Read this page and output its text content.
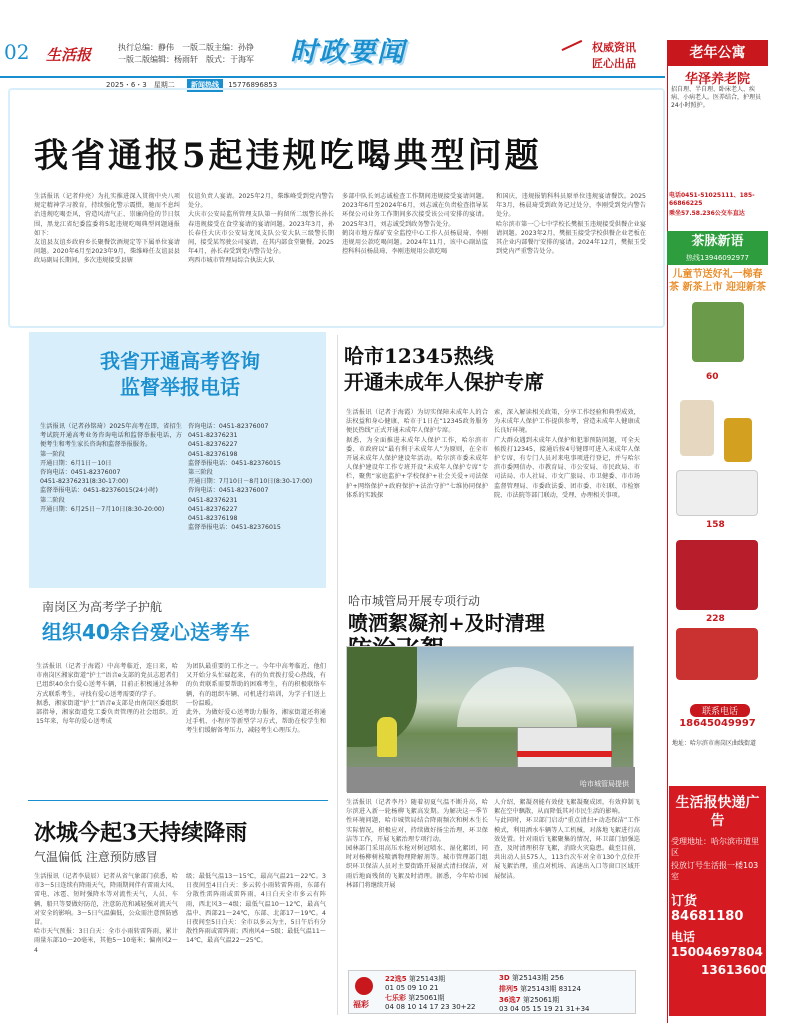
02 生活报	执行总编：静伟　一版二版主编：孙铮
一版二版编辑：杨雨轩　版式：于海军	时政要闻	权威资讯
匠心出品
2025・6・3　星期二 新闻热线 15776896853
我省通报5起违规吃喝典型问题
生活报讯（记者仲亮）为扎实推进深入贯彻中央八项规定精神学习教育，持续强化警示震慑，驰而不息纠治违规吃喝歪风，营造风清气正、崇廉尚俭的节日氛围，黑龙江省纪委监委将5起违规吃喝典型问题通报如下：
友谊县友谊乡政府乡长聚餐饮酒规定等下属单位宴请问题。2020年6月至2023年9月，柴维峰任友谊县县政局副局长期间，多次违规接受县辖
仪谊负责人宴请。2025年2月，柴维峰受到党内警告处分。
大庆市公安局监所管理支队第一拘留所二级警长孙长春违规接受在食堂宴请的宴请问题。2023年3月，孙长春任大庆市公安局龙凤支队公安大队三级警长期间，接受某驾驶公司宴请，在其内部食堂聚餐。2025年4月，孙长春受到党内警告处分。
鸡西市城市管理局综合执法大队
多部中队长刘志诚检查工作期间违规接受宴请问题。2023年6月至2024年6月，刘志诚在负责检查指导某环保公司业务工作期间多次接受该公司安排的宴请。2025年3月，刘志诚受到政务警告处分。
鹤岗市地方煤矿安全监控中心工作人员杨晨琦、李刚违规用公款吃喝问题。2024年11月，该中心副站监控科科员杨晨琦、李刚违规用公款吃喝
和国庆，违规报销科科员原单位违规宴请餐饮。2025年3月，杨晨琦受到政务记过处分，李刚受到党内警告处分。
哈尔滨市第一〇七中学校长樊振玉违规接受供餐企业宴请问题。2023年2月，樊振玉接受学校供餐企业老板在其企业内部餐厅安排的宴请。2024年12月，樊振玉受到党内严重警告处分。
我省开通高考咨询
监督举报电话
生活报讯（记者孙铭琦）2025年高考在即，省招生考试院开通高考业务咨询电话和监督举报电话，方便考生和考生家长咨询和监督举报服务。
第一阶段
开通日期：6月1日－10日
咨询电话：0451-82376007
0451-82376231(8:30-17:00)
监督举报电话：0451-82376015(24小时)
第二阶段
开通日期：6月25日－7月10日(8:30-20:00)
咨询电话：0451-82376007
0451-82376231
0451-82376227
0451-82376198
监督举报电话：0451-82376015
第三阶段
开通日期：7月10日－8月10日(8:30-17:00)
咨询电话：0451-82376007
0451-82376231
0451-82376227
0451-82376198
监督举报电话：0451-82376015
哈市12345热线
开通未成年人保护专席
生活报讯（记者于海霞）为切实保障未成年人的合法权益和身心健康，哈市于1日在“12345政务服务便民热线”正式开通未成年人保护专席。
据悉，为全面推进未成年人保护工作，哈尔滨市委、市政府以“最有利于未成年人”为原则，在全市开展未成年人保护建设年活动。哈尔滨市委未成年人保护建设年工作专班开设“未成年人保护专席”专栏，聚焦“家庭监护+学校保护+社会关爱+司法保护+网络保护+政府保护+法治守护”七维协同保护体系的实践探
索，深入解读相关政策，分享工作经验和典型成效，为未成年人保护工作提供参考，营造未成年人健康成长良好环境。
广大群众遇到未成年人保护和犯罪预防问题，可全天候拨打12345，接通后按4号键即可进入未成年人保护专席，有专门人员对来电事项进行登记，并与哈尔滨市委网信办、市教育局、市公安局、市民政局、市司法局、市人社局、市文广旅局、市卫健委、市市场监督管理局、市委政法委、团市委、市妇联、市检察院、市法院等部门联动，受理、办理相关事项。
南岗区为高考学子护航
组织40余台爱心送考车
生活报讯（记者于海霞）中高考临近，连日来，哈市南岗区湘家街道“护士”语音e支部的党员志愿者们已组织40余台爱心送考车辆，目前正积极通过各种方式联系考生，寻找有爱心送考需要的学子。
据悉，湘家街道“护士”语音e支部是由南岗区委组织部指导，湘家街道党工委负责管理的社会组织。近15年来，每年的爱心送考成
为团队最重要的工作之一。今年中高考临近，他们又开始分头忙碌起来，有的负责拨打爱心热线，有的负责联系需要帮助的困难考生，有的积极联络车辆，有的组织车辆、司机进行培训，为学子们送上一份温暖。
此外，为做好爱心送考助力服务，湘家街道还将通过手机、小程序等新型学习方式，帮助在校学生和考生们缓解备考压力，减轻考生心理压力。
冰城今起3天持续降雨
气温偏低 注意预防感冒
生活报讯（记者李晨辰）记者从省气象部门获悉，哈市3～5日连续有降雨天气，降雨期间伴有雷雨大风、雷电、冰雹、短时强降水等对流性天气，人员、车辆、船只等要做好防范，注意防范和减轻强对流天气对安全的影响。3～5日气温偏低，公众需注意预防感冒。
哈市天气预报：3日白天：全市小雨转雷阵雨，累计雨量东部10～20毫米，其他5～10毫米；偏南风2～4
级；最低气温13～15℃，最高气温21～22℃。3日夜间至4日白天：多云转小雨转雷阵雨，东部有分散性雷阵雨或雷阵雨，4日白天全市多云有阵雨，西北风3～4级；最低气温10～12℃，最高气温中、西部21～24℃，东部、北部17～19℃。4日夜间至5日白天：全市以多云为主，5日午后有分散性阵雨或雷阵雨；西南风4～5级；最低气温11～14℃，最高气温22～25℃。
哈市城管局开展专项行动
喷洒絮凝剂+及时清理
哈市城管局提供
生活报讯（记者李丹）随着初夏气温不断升高，哈尔滨进入新一轮杨柳飞絮高发期。为解决这一季节性环境问题，哈市城管局结合降雨频次和树木生长实际情况，积极应对，持续做好扬尘治理、环卫保洁等工作，开展飞絮治理专项行动。
园林部门采用高压水枪对树冠喷水、湿化絮团，同时对杨柳树枝喷洒物理降解剂等。城市管理部门组织环卫保洁人员对主要街路开展湿式清扫保洁，对雨后地面残留的飞絮及时清理。据悉，今年哈市园林部门将继续开展
人介绍，絮凝剂能有效使飞絮凝聚成团，有效抑制飞絮在空中飘散，从而降低其对市民生活的影响。
与此同时，环卫部门启动“重点清扫+动态保洁”工作模式，利用洒水车辆等人工机械，对落地飞絮进行高效处置。针对雨后飞絮聚集的情况，环卫部门加强巡查，及时清理积存飞絮，消除火灾隐患。截至目前，共出动人员575人，113台次车对全市130个点位开展飞絮治理，重点对机场、高速出入口等窗口区域开展保洁。
福彩
22选5 第25143期
01 05 09 10 21
七乐彩 第25061期
04 08 10 14 17 23 30+22
3D 第25143期 256
排列5 第25143期 83124
36选7 第25061期
03 04 05 15 19 21 31+34
老年公寓
华泽养老院
招自理、半自理、卧床老人、疾病、小病老人。医养结合，护理员24小时照护。
电话0451-51025111、185-66866225
乘坐57.58.236公交车直达
茶脉新语
热线13946092977
儿童节送好礼一梯春茶 新茶上市 迎迎新茶
60
158
228
联系电话
18645049997
地址：哈尔滨市南岗区曲线街道
生活报快递广告
受理地址：哈尔滨市道里区
投放订号生活报一楼103室
订货 84681180
电话 15004697804
13613600156
